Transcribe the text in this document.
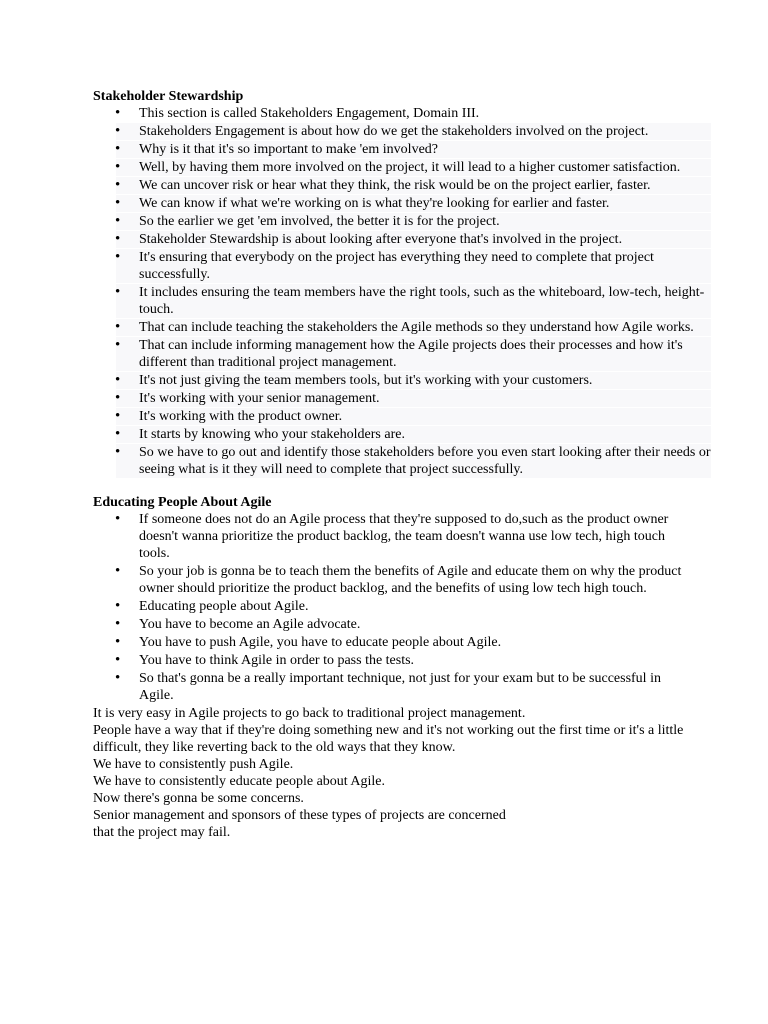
Stakeholder Stewardship
• This section is called Stakeholders Engagement, Domain III.
• Stakeholders Engagement is about how do we get the stakeholders involved on the project.
• Why is it that it's so important to make 'em involved?
• Well, by having them more involved on the project, it will lead to a higher customer satisfaction.
• We can uncover risk or hear what they think, the risk would be on the project earlier, faster.
• We can know if what we're working on is what they're looking for earlier and faster.
• So the earlier we get 'em involved, the better it is for the project.
• Stakeholder Stewardship is about looking after everyone that's involved in the project.
• It's ensuring that everybody on the project has everything they need to complete that project successfully.
• It includes ensuring the team members have the right tools, such as the whiteboard, low-tech, height-touch.
• That can include teaching the stakeholders the Agile methods so they understand how Agile works.
• That can include informing management how the Agile projects does their processes and how it's different than traditional project management.
• It's not just giving the team members tools, but it's working with your customers.
• It's working with your senior management.
• It's working with the product owner.
• It starts by knowing who your stakeholders are.
• So we have to go out and identify those stakeholders before you even start looking after their needs or seeing what is it they will need to complete that project successfully.
Educating People About Agile
• If someone does not do an Agile process that they're supposed to do,such as the product owner doesn't wanna prioritize the product backlog, the team doesn't wanna use low tech, high touch tools.
• So your job is gonna be to teach them the benefits of Agile and educate them on why the product owner should prioritize the product backlog, and the benefits of using low tech high touch.
• Educating people about Agile.
• You have to become an Agile advocate.
• You have to push Agile, you have to educate people about Agile.
• You have to think Agile in order to pass the tests.
• So that's gonna be a really important technique, not just for your exam but to be successful in Agile.

It is very easy in Agile projects to go back to traditional project management.

People have a way that if they're doing something new and it's not working out the first time or it's a little difficult, they like reverting back to the old ways that they know.

We have to consistently push Agile.

We have to consistently educate people about Agile.

Now there's gonna be some concerns.

Senior management and sponsors of these types of projects are concerned

that the project may fail.
